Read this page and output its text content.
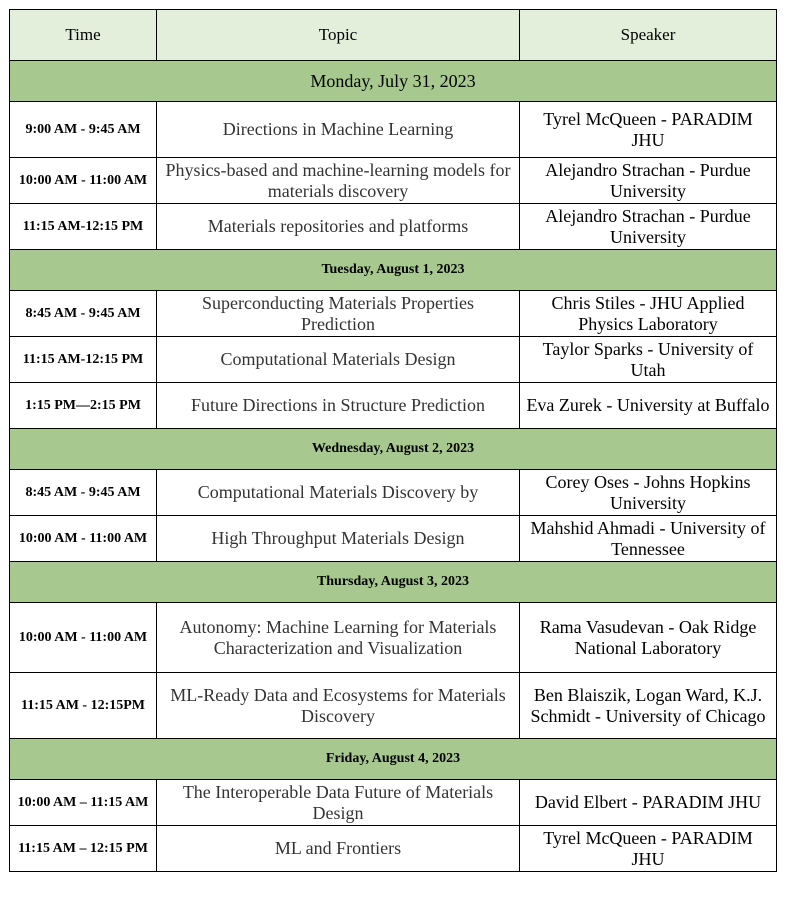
Time	Topic	Speaker
Monday, July 31, 2023		
9:00 AM - 9:45 AM	Directions in Machine Learning	Tyrel McQueen - PARADIM JHU
10:00 AM - 11:00 AM	Physics-based and machine-learning models for materials discovery	Alejandro Strachan - Purdue University
11:15 AM-12:15 PM	Materials repositories and platforms	Alejandro Strachan - Purdue University
Tuesday, August 1, 2023		
8:45 AM - 9:45 AM	Superconducting Materials Properties Prediction	Chris Stiles - JHU Applied Physics Laboratory
11:15 AM-12:15 PM	Computational Materials Design	Taylor Sparks - University of Utah
1:15 PM—2:15 PM	Future Directions in Structure Prediction	Eva Zurek - University at Buffalo
Wednesday, August 2, 2023		
8:45 AM - 9:45 AM	Computational Materials Discovery by	Corey Oses - Johns Hopkins University
10:00 AM - 11:00 AM	High Throughput Materials Design	Mahshid Ahmadi - University of Tennessee
Thursday, August 3, 2023		
10:00 AM - 11:00 AM	Autonomy: Machine Learning for Materials Characterization and Visualization	Rama Vasudevan - Oak Ridge National Laboratory
11:15 AM - 12:15PM	ML-Ready Data and Ecosystems for Materials Discovery	Ben Blaiszik, Logan Ward, K.J. Schmidt - University of Chicago
Friday, August 4, 2023		
10:00 AM – 11:15 AM	The Interoperable Data Future of Materials Design	David Elbert - PARADIM JHU
11:15 AM – 12:15 PM	ML and Frontiers	Tyrel McQueen - PARADIM JHU
